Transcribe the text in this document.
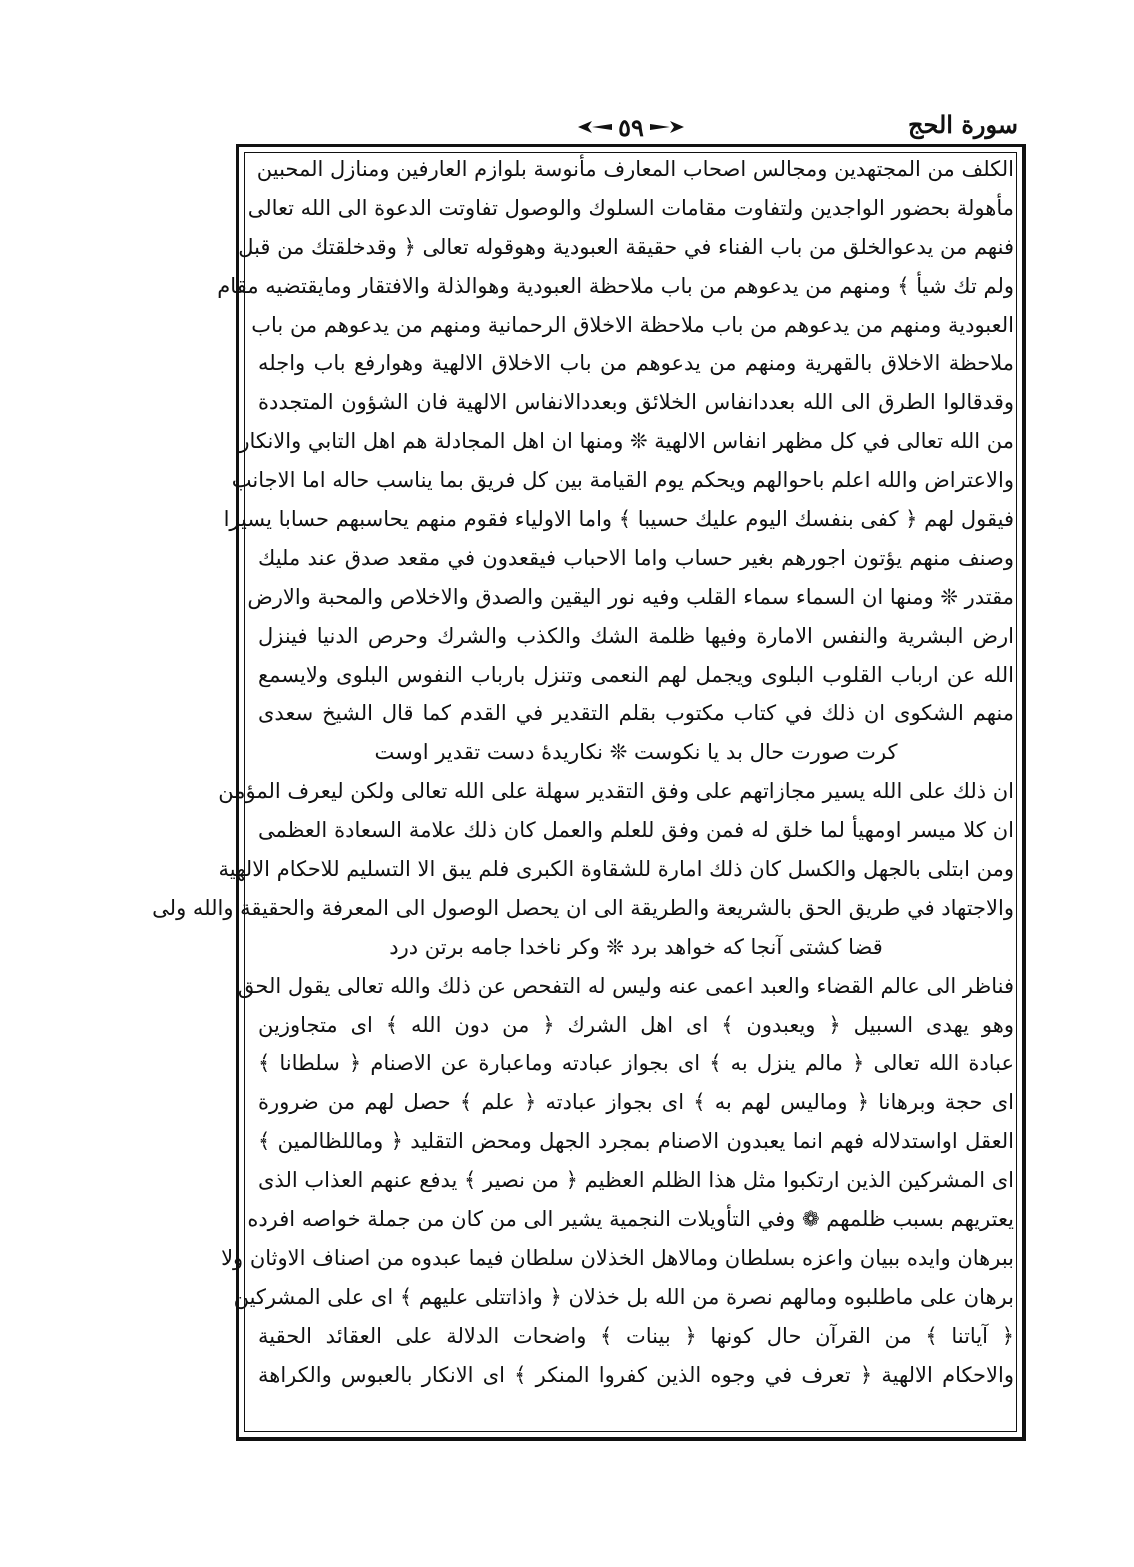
سورة الحج
٥٩
الكلف من المجتهدين ومجالس اصحاب المعارف مأنوسة بلوازم العارفين ومنازل المحبين
مأهولة بحضور الواجدين ولتفاوت مقامات السلوك والوصول تفاوتت الدعوة الى الله تعالى
فنهم من يدعوالخلق من باب الفناء في حقيقة العبودية وهوقوله تعالى ﴿ وقدخلقتك من قبل
ولم تك شيأ ﴾ ومنهم من يدعوهم من باب ملاحظة العبودية وهوالذلة والافتقار ومايقتضيه مقام
العبودية ومنهم من يدعوهم من باب ملاحظة الاخلاق الرحمانية ومنهم من يدعوهم من باب
ملاحظة الاخلاق بالقهرية ومنهم من يدعوهم من باب الاخلاق الالهية وهوارفع باب واجله
وقدقالوا الطرق الى الله بعددانفاس الخلائق وبعددالانفاس الالهية فان الشؤون المتجددة
من الله تعالى في كل مظهر انفاس الالهية ❊ ومنها ان اهل المجادلة هم اهل التابي والانكار
والاعتراض والله اعلم باحوالهم ويحكم يوم القيامة بين كل فريق بما يناسب حاله اما الاجانب
فيقول لهم ﴿ كفى بنفسك اليوم عليك حسيبا ﴾ واما الاولياء فقوم منهم يحاسبهم حسابا يسيرا
وصنف منهم يؤتون اجورهم بغير حساب واما الاحباب فيقعدون في مقعد صدق عند مليك
مقتدر ❊ ومنها ان السماء سماء القلب وفيه نور اليقين والصدق والاخلاص والمحبة والارض
ارض البشرية والنفس الامارة وفيها ظلمة الشك والكذب والشرك وحرص الدنيا فينزل
الله عن ارباب القلوب البلوى ويجمل لهم النعمى وتنزل بارباب النفوس البلوى ولايسمع
منهم الشكوى ان ذلك في كتاب مكتوب بقلم التقدير في القدم كما قال الشيخ سعدى
كرت صورت حال بد يا نكوست ❊ نكاريدهٔ دست تقدير اوست
ان ذلك على الله يسير مجازاتهم على وفق التقدير سهلة على الله تعالى ولكن ليعرف المؤمن
ان كلا ميسر اومهيأ لما خلق له فمن وفق للعلم والعمل كان ذلك علامة السعادة العظمى
ومن ابتلى بالجهل والكسل كان ذلك امارة للشقاوة الكبرى فلم يبق الا التسليم للاحكام الالهية
والاجتهاد في طريق الحق بالشريعة والطريقة الى ان يحصل الوصول الى المعرفة والحقيقة والله ولى
قضا كشتى آنجا كه خواهد برد ❊ وكر ناخدا جامه برتن درد
فناظر الى عالم القضاء والعبد اعمى عنه وليس له التفحص عن ذلك والله تعالى يقول الحق
وهو يهدى السبيل ﴿ ويعبدون ﴾ اى اهل الشرك ﴿ من دون الله ﴾ اى متجاوزين
عبادة الله تعالى ﴿ مالم ينزل به ﴾ اى بجواز عبادته وماعبارة عن الاصنام ﴿ سلطانا ﴾
اى حجة وبرهانا ﴿ وماليس لهم به ﴾ اى بجواز عبادته ﴿ علم ﴾ حصل لهم من ضرورة
العقل اواستدلاله فهم انما يعبدون الاصنام بمجرد الجهل ومحض التقليد ﴿ وماللظالمين ﴾
اى المشركين الذين ارتكبوا مثل هذا الظلم العظيم ﴿ من نصير ﴾ يدفع عنهم العذاب الذى
يعتريهم بسبب ظلمهم ❁ وفي التأويلات النجمية يشير الى من كان من جملة خواصه افرده
ببرهان وايده ببيان واعزه بسلطان ومالاهل الخذلان سلطان فيما عبدوه من اصناف الاوثان ولا
برهان على ماطلبوه ومالهم نصرة من الله بل خذلان ﴿ واذاتتلى عليهم ﴾ اى على المشركين
﴿ آياتنا ﴾ من القرآن حال كونها ﴿ بينات ﴾ واضحات الدلالة على العقائد الحقية
والاحكام الالهية ﴿ تعرف في وجوه الذين كفروا المنكر ﴾ اى الانكار بالعبوس والكراهة
